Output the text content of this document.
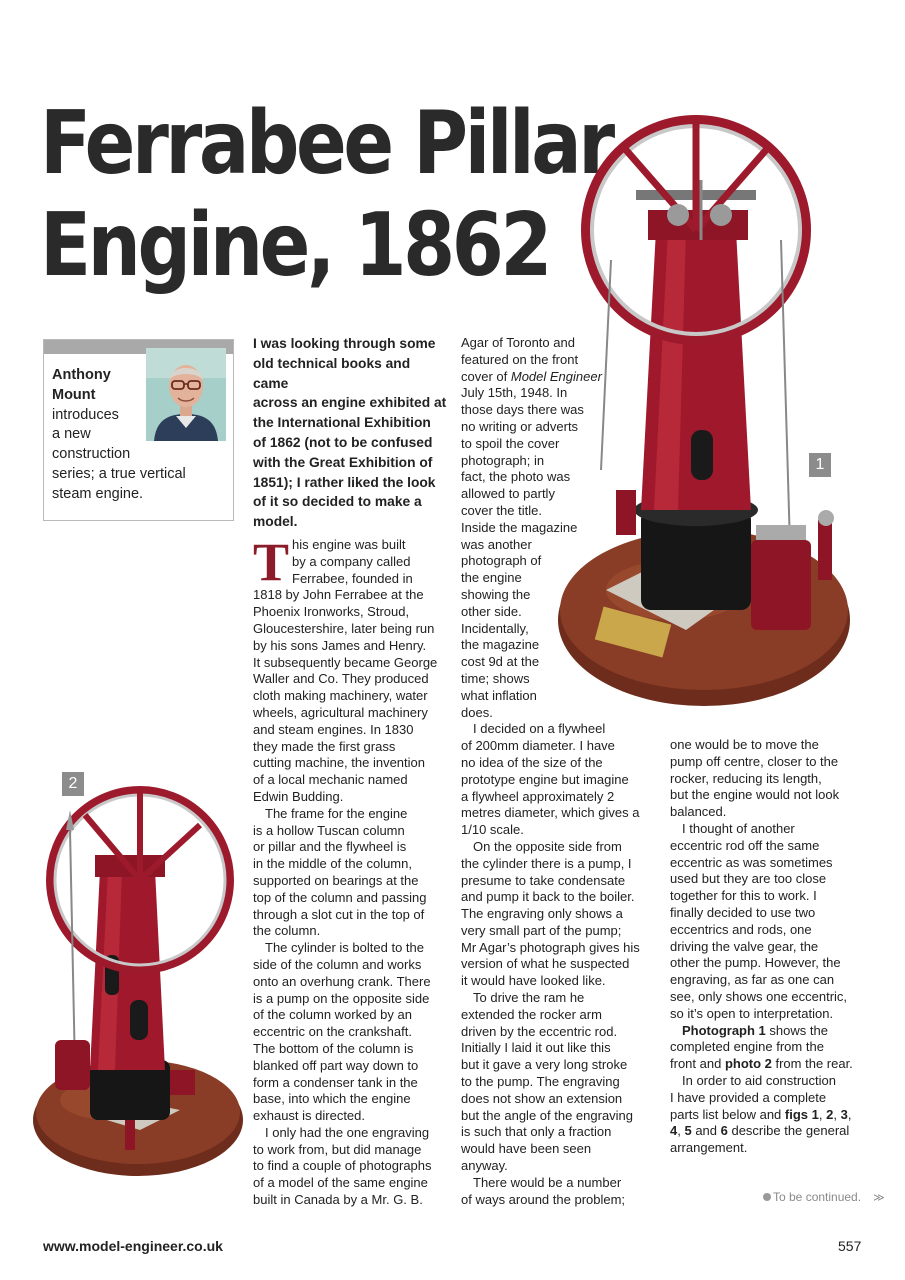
Ferrabee Pillar
Engine, 1862
Anthony
Mount
introduces
a new
construction
series; a true vertical
steam engine.
I was looking through some
old technical books and came
across an engine exhibited at
the International Exhibition
of 1862 (not to be confused
with the Great Exhibition of
1851); I rather liked the look
of it so decided to make a
model.
T his engine was built
by a company called
Ferrabee, founded in
1818 by John Ferrabee at the
Phoenix Ironworks, Stroud,
Gloucestershire, later being run
by his sons James and Henry.
It subsequently became George
Waller and Co. They produced
cloth making machinery, water
wheels, agricultural machinery
and steam engines. In 1830
they made the first grass
cutting machine, the invention
of a local mechanic named
Edwin Budding.
The frame for the engine
is a hollow Tuscan column
or pillar and the flywheel is
in the middle of the column,
supported on bearings at the
top of the column and passing
through a slot cut in the top of
the column.
The cylinder is bolted to the
side of the column and works
onto an overhung crank. There
is a pump on the opposite side
of the column worked by an
eccentric on the crankshaft.
The bottom of the column is
blanked off part way down to
form a condenser tank in the
base, into which the engine
exhaust is directed.
I only had the one engraving
to work from, but did manage
to find a couple of photographs
of a model of the same engine
built in Canada by a Mr. G. B.
Agar of Toronto and
featured on the front
cover of Model Engineer
July 15th, 1948. In
those days there was
no writing or adverts
to spoil the cover
photograph; in
fact, the photo was
allowed to partly
cover the title.
Inside the magazine
was another
photograph of
the engine
showing the
other side.
Incidentally,
the magazine
cost 9d at the
time; shows
what inflation
does.
I decided on a flywheel
of 200mm diameter. I have
no idea of the size of the
prototype engine but imagine
a flywheel approximately 2
metres diameter, which gives a
1/10 scale.
On the opposite side from
the cylinder there is a pump, I
presume to take condensate
and pump it back to the boiler.
The engraving only shows a
very small part of the pump;
Mr Agar’s photograph gives his
version of what he suspected
it would have looked like.
To drive the ram he
extended the rocker arm
driven by the eccentric rod.
Initially I laid it out like this
but it gave a very long stroke
to the pump. The engraving
does not show an extension
but the angle of the engraving
is such that only a fraction
would have been seen
anyway.
There would be a number
of ways around the problem;
one would be to move the
pump off centre, closer to the
rocker, reducing its length,
but the engine would not look
balanced.
I thought of another
eccentric rod off the same
eccentric as was sometimes
used but they are too close
together for this to work. I
finally decided to use two
eccentrics and rods, one
driving the valve gear, the
other the pump. However, the
engraving, as far as one can
see, only shows one eccentric,
so it’s open to interpretation.
Photograph 1 shows the
completed engine from the
front and photo 2 from the rear.
In order to aid construction
I have provided a complete
parts list below and figs 1, 2, 3,
4, 5 and 6 describe the general
arrangement.
1
2
To be continued. ≫
www.model-engineer.co.uk	557
